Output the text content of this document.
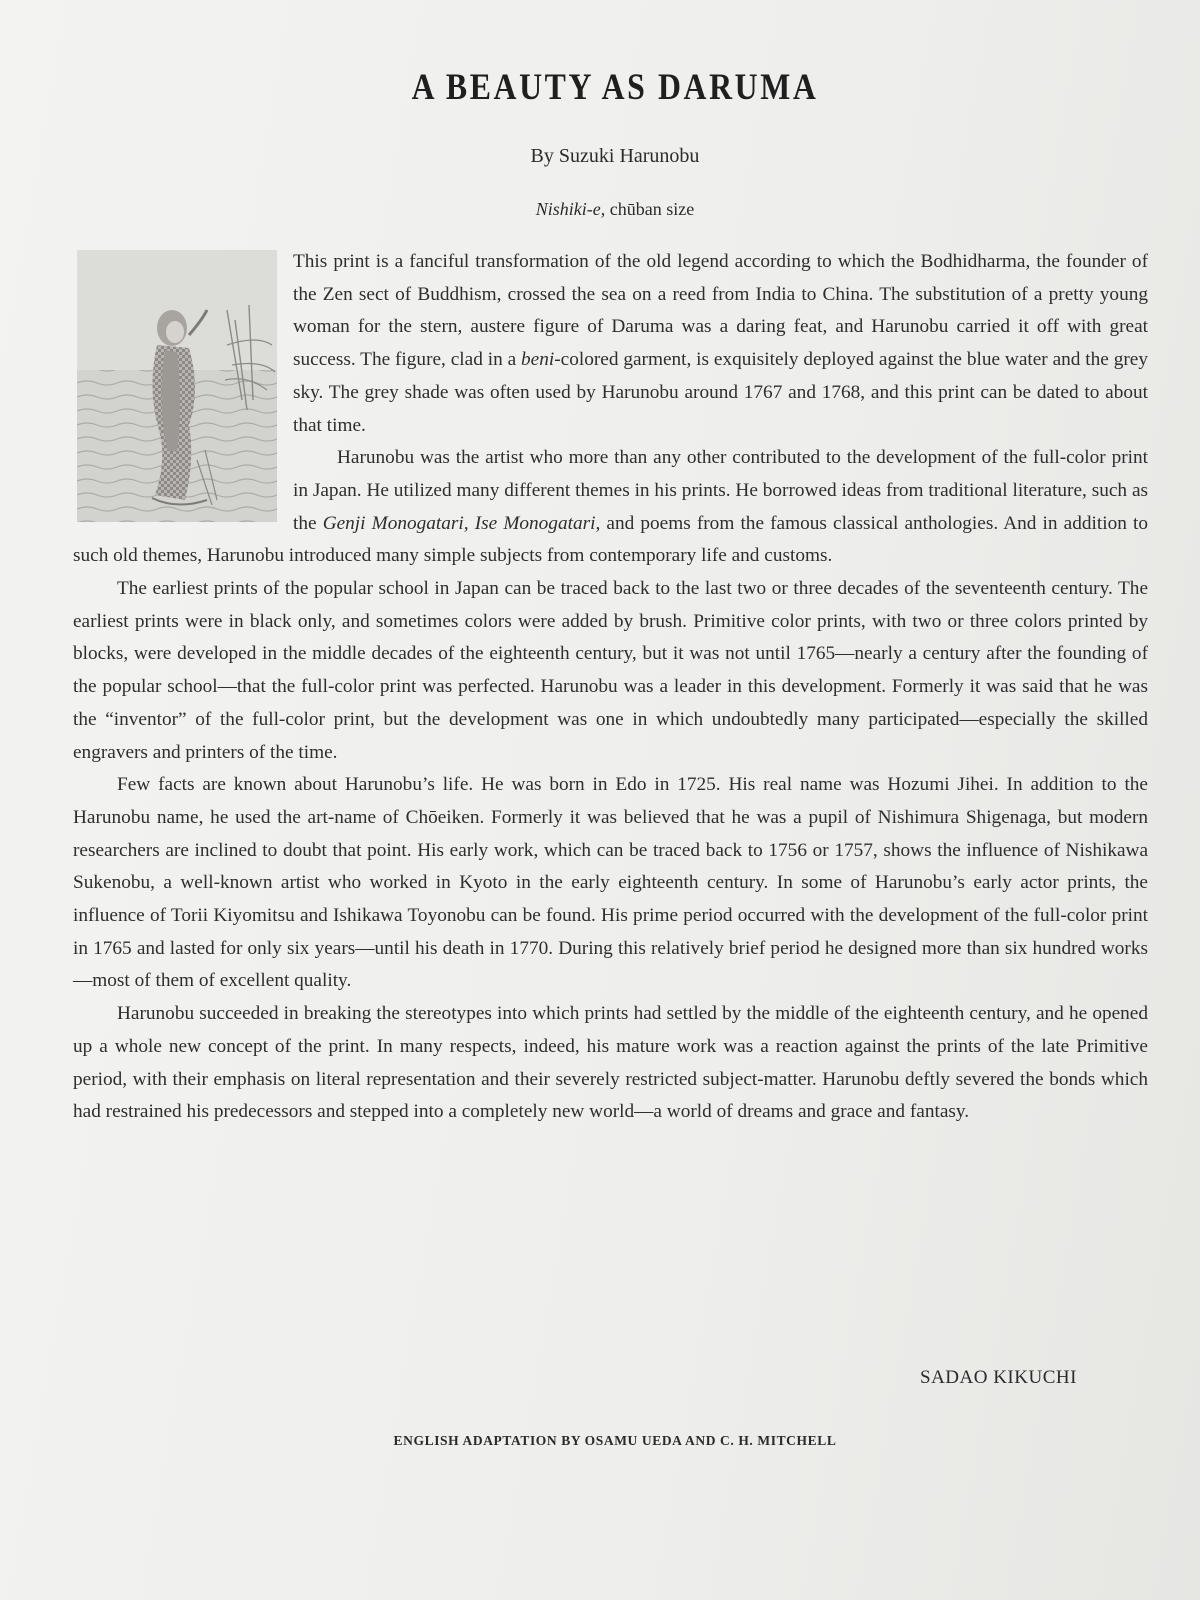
A BEAUTY AS DARUMA
By Suzuki Harunobu
Nishiki-e, chūban size

This print is a fanciful transformation of the old legend according to which the Bodhidharma, the founder of the Zen sect of Buddhism, crossed the sea on a reed from India to China. The substitution of a pretty young woman for the stern, austere figure of Daruma was a daring feat, and Harunobu carried it off with great success. The figure, clad in a beni-colored garment, is exquisitely deployed against the blue water and the grey sky. The grey shade was often used by Harunobu around 1767 and 1768, and this print can be dated to about that time.

Harunobu was the artist who more than any other contributed to the development of the full-color print in Japan. He utilized many different themes in his prints. He borrowed ideas from traditional literature, such as the Genji Monogatari, Ise Monogatari, and poems from the famous classical anthologies. And in addition to such old themes, Harunobu introduced many simple subjects from contemporary life and customs.

The earliest prints of the popular school in Japan can be traced back to the last two or three decades of the seventeenth century. The earliest prints were in black only, and sometimes colors were added by brush. Primitive color prints, with two or three colors printed by blocks, were developed in the middle decades of the eighteenth century, but it was not until 1765—nearly a century after the founding of the popular school—that the full-color print was perfected. Harunobu was a leader in this development. Formerly it was said that he was the “inventor” of the full-color print, but the development was one in which undoubtedly many participated—especially the skilled engravers and printers of the time.

Few facts are known about Harunobu’s life. He was born in Edo in 1725. His real name was Hozumi Jihei. In addition to the Harunobu name, he used the art-name of Chōeiken. Formerly it was believed that he was a pupil of Nishimura Shigenaga, but modern researchers are inclined to doubt that point. His early work, which can be traced back to 1756 or 1757, shows the influence of Nishikawa Sukenobu, a well-known artist who worked in Kyoto in the early eighteenth century. In some of Harunobu’s early actor prints, the influence of Torii Kiyomitsu and Ishikawa Toyonobu can be found. His prime period occurred with the development of the full-color print in 1765 and lasted for only six years—until his death in 1770. During this relatively brief period he designed more than six hundred works—most of them of excellent quality.

Harunobu succeeded in breaking the stereotypes into which prints had settled by the middle of the eighteenth century, and he opened up a whole new concept of the print. In many respects, indeed, his mature work was a reaction against the prints of the late Primitive period, with their emphasis on literal representation and their severely restricted subject-matter. Harunobu deftly severed the bonds which had restrained his predecessors and stepped into a completely new world—a world of dreams and grace and fantasy.

SADAO KIKUCHI
ENGLISH ADAPTATION BY OSAMU UEDA AND C. H. MITCHELL
